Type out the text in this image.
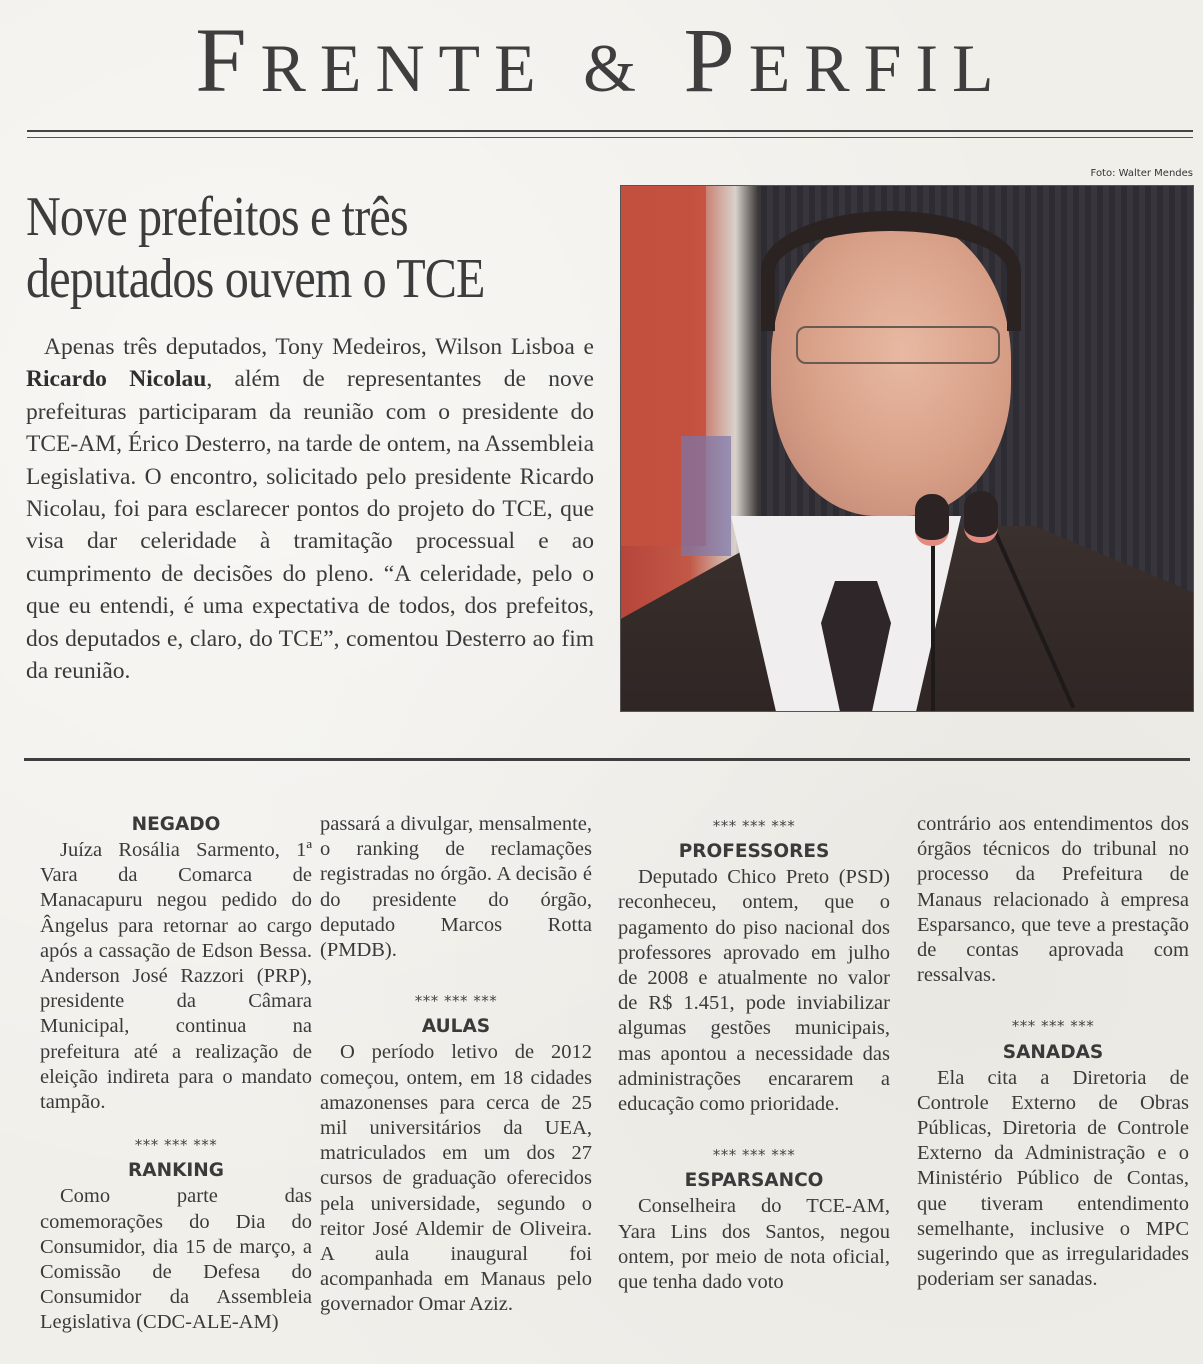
FRENTE & PERFIL
Foto: Walter Mendes
Nove prefeitos e três
deputados ouvem o TCE

Apenas três deputados, Tony Medeiros, Wilson Lisboa e Ricardo Nicolau, além de representantes de nove prefeituras participaram da reunião com o presidente do TCE-AM, Érico Desterro, na tarde de ontem, na Assembleia Legislativa. O encontro, solicitado pelo presidente Ricardo Nicolau, foi para esclarecer pontos do projeto do TCE, que visa dar celeridade à tramitação processual e ao cumprimento de decisões do pleno. “A celeridade, pelo o que eu entendi, é uma expectativa de todos, dos prefeitos, dos deputados e, claro, do TCE”, comentou Desterro ao fim da reunião.

NEGADO

Juíza Rosália Sarmento, 1ª Vara da Comarca de Manacapuru negou pedido do Ângelus para retornar ao cargo após a cassação de Edson Bessa. Anderson José Razzori (PRP), presidente da Câmara Municipal, continua na prefeitura até a realização de eleição indireta para o mandato tampão.

*** *** ***
RANKING

Como parte das comemorações do Dia do Consumidor, dia 15 de março, a Comissão de Defesa do Consumidor da Assembleia Legislativa (CDC-ALE-AM)

passará a divulgar, mensalmente, o ranking de reclamações registradas no órgão. A decisão é do presidente do órgão, deputado Marcos Rotta (PMDB).

*** *** ***
AULAS

O período letivo de 2012 começou, ontem, em 18 cidades amazonenses para cerca de 25 mil universitários da UEA, matriculados em um dos 27 cursos de graduação oferecidos pela universidade, segundo o reitor José Aldemir de Oliveira. A aula inaugural foi acompanhada em Manaus pelo governador Omar Aziz.

*** *** ***
PROFESSORES

Deputado Chico Preto (PSD) reconheceu, ontem, que o pagamento do piso nacional dos professores aprovado em julho de 2008 e atualmente no valor de R$ 1.451, pode inviabilizar algumas gestões municipais, mas apontou a necessidade das administrações encararem a educação como prioridade.

*** *** ***
ESPARSANCO

Conselheira do TCE-AM, Yara Lins dos Santos, negou ontem, por meio de nota oficial, que tenha dado voto

contrário aos entendimentos dos órgãos técnicos do tribunal no processo da Prefeitura de Manaus relacionado à empresa Esparsanco, que teve a prestação de contas aprovada com ressalvas.

*** *** ***
SANADAS

Ela cita a Diretoria de Controle Externo de Obras Públicas, Diretoria de Controle Externo da Administração e o Ministério Público de Contas, que tiveram entendimento semelhante, inclusive o MPC sugerindo que as irregularidades poderiam ser sanadas.
